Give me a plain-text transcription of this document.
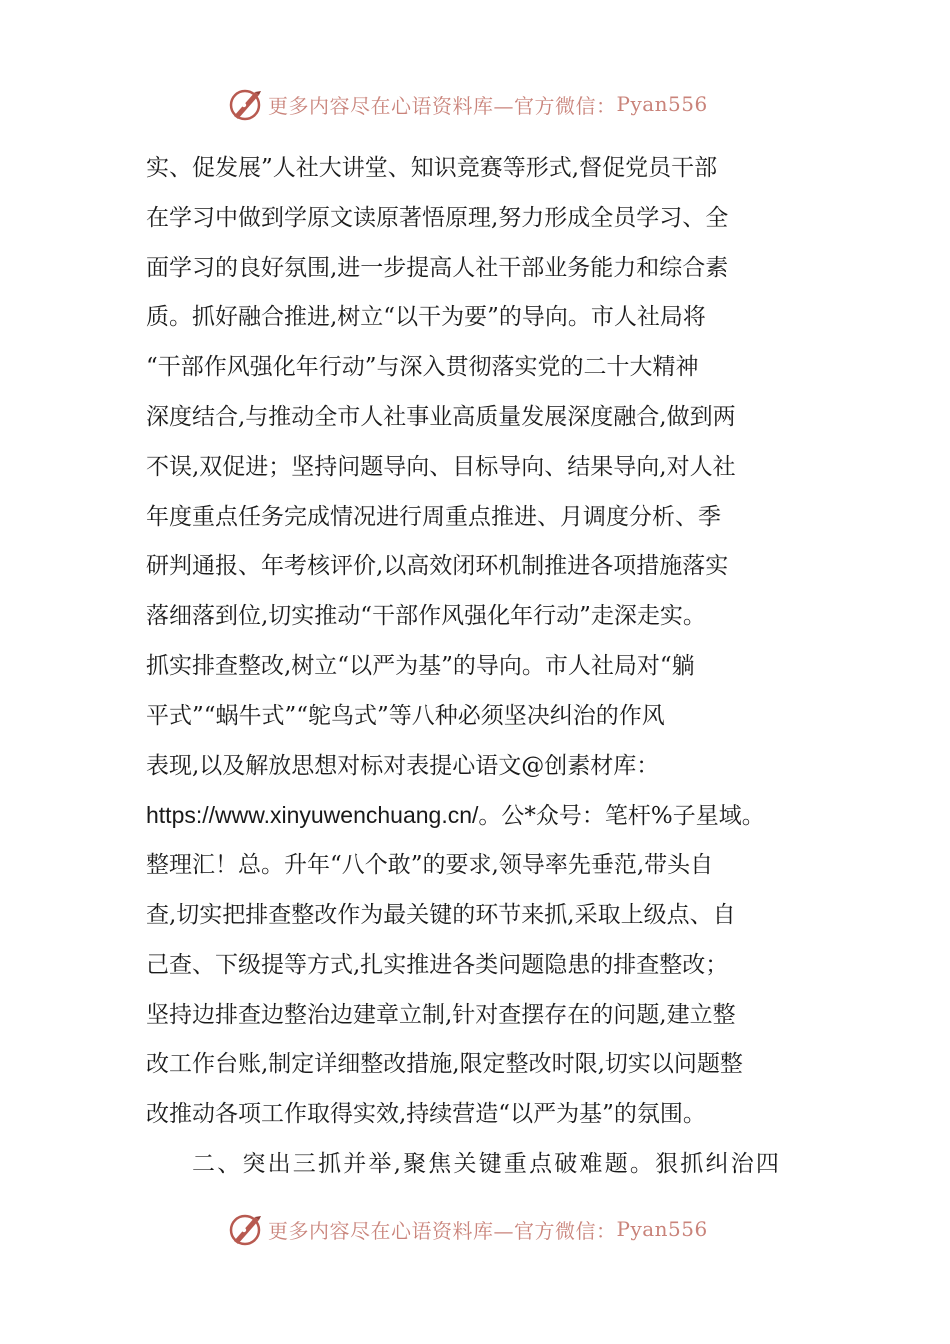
更多内容尽在心语资料库—官方微信： Pyan556
实、促发展”人社大讲堂、知识竞赛等形式,督促党员干部
在学习中做到学原文读原著悟原理,努力形成全员学习、全
面学习的良好氛围,进一步提高人社干部业务能力和综合素
质。抓好融合推进,树立“以干为要”的导向。市人社局将
“干部作风强化年行动”与深入贯彻落实党的二十大精神
深度结合,与推动全市人社事业高质量发展深度融合,做到两
不误,双促进；坚持问题导向、目标导向、结果导向,对人社
年度重点任务完成情况进行周重点推进、月调度分析、季
研判通报、年考核评价,以高效闭环机制推进各项措施落实
落细落到位,切实推动“干部作风强化年行动”走深走实。
抓实排查整改,树立“以严为基”的导向。市人社局对“躺
平式”“蜗牛式”“鸵鸟式”等八种必须坚决纠治的作风
表现,以及解放思想对标对表提心语文@创素材库：
https://www.xinyuwenchuang.cn/。公*众号：笔杆%子星域。
整理汇！总。升年“八个敢”的要求,领导率先垂范,带头自
查,切实把排查整改作为最关键的环节来抓,采取上级点、自
己查、下级提等方式,扎实推进各类问题隐患的排查整改；
坚持边排查边整治边建章立制,针对查摆存在的问题,建立整
改工作台账,制定详细整改措施,限定整改时限,切实以问题整
改推动各项工作取得实效,持续营造“以严为基”的氛围。
二、突出三抓并举,聚焦关键重点破难题。狠抓纠治四
更多内容尽在心语资料库—官方微信： Pyan556
